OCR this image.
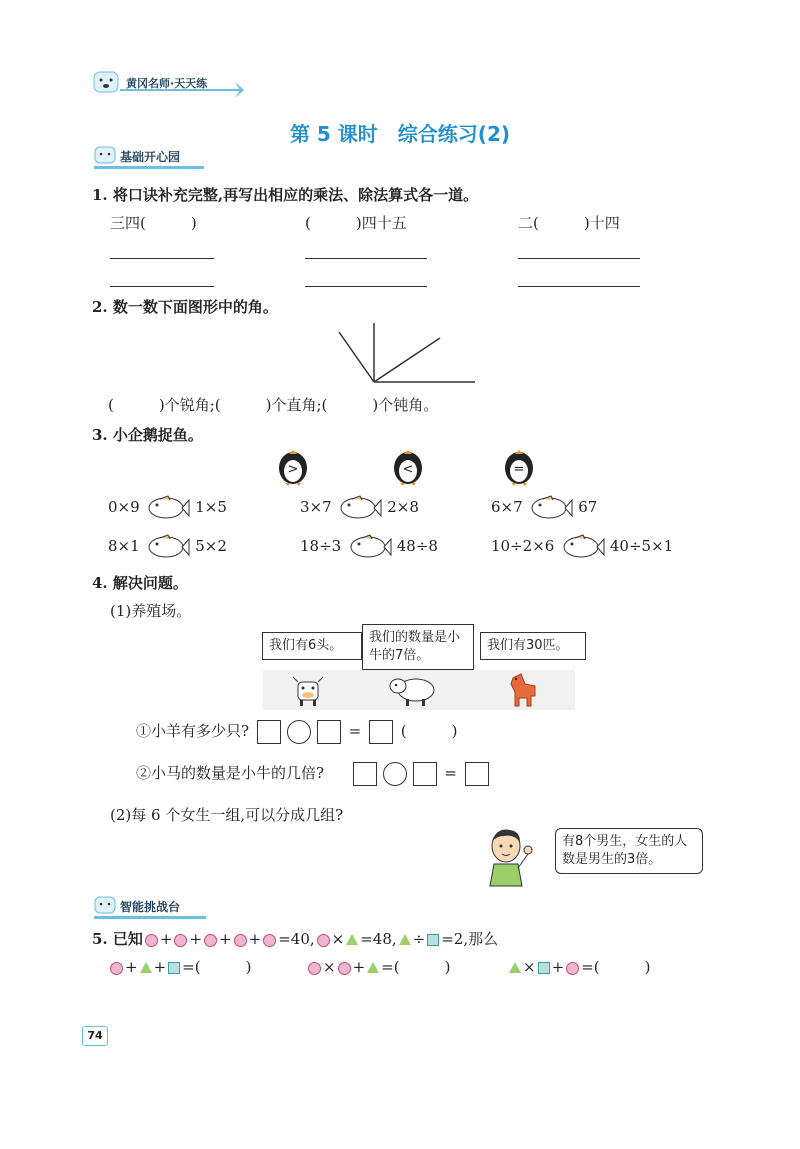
黄冈名师·天天练
第 5 课时　综合练习(2)
基础开心园
1. 将口诀补充完整,再写出相应的乘法、除法算式各一道。
三四(　　　)	(　　　)四十五	二(　　　)十四
2. 数一数下面图形中的角。
(　　　)个锐角;(　　　)个直角;(　　　)个钝角。
3. 小企鹅捉鱼。
>	<	=
0×9	1×5	3×7	2×8	6×7	67
8×1	5×2	18÷3	48÷8	10÷2×6	40÷5×1
4. 解决问题。
(1)养殖场。
我们有6头。
我们的数量是小牛的7倍。
我们有30匹。
①小羊有多少只?	=	(　　　)
②小马的数量是小牛的几倍?	=
(2)每 6 个女生一组,可以分成几组?
有8个男生，女生的人数是男生的3倍。
智能挑战台
5. 已知 + + + + =40, × =48, ÷ =2,那么
+ + =(　　　)	× + =(　　　)	× + =(　　　)
74
